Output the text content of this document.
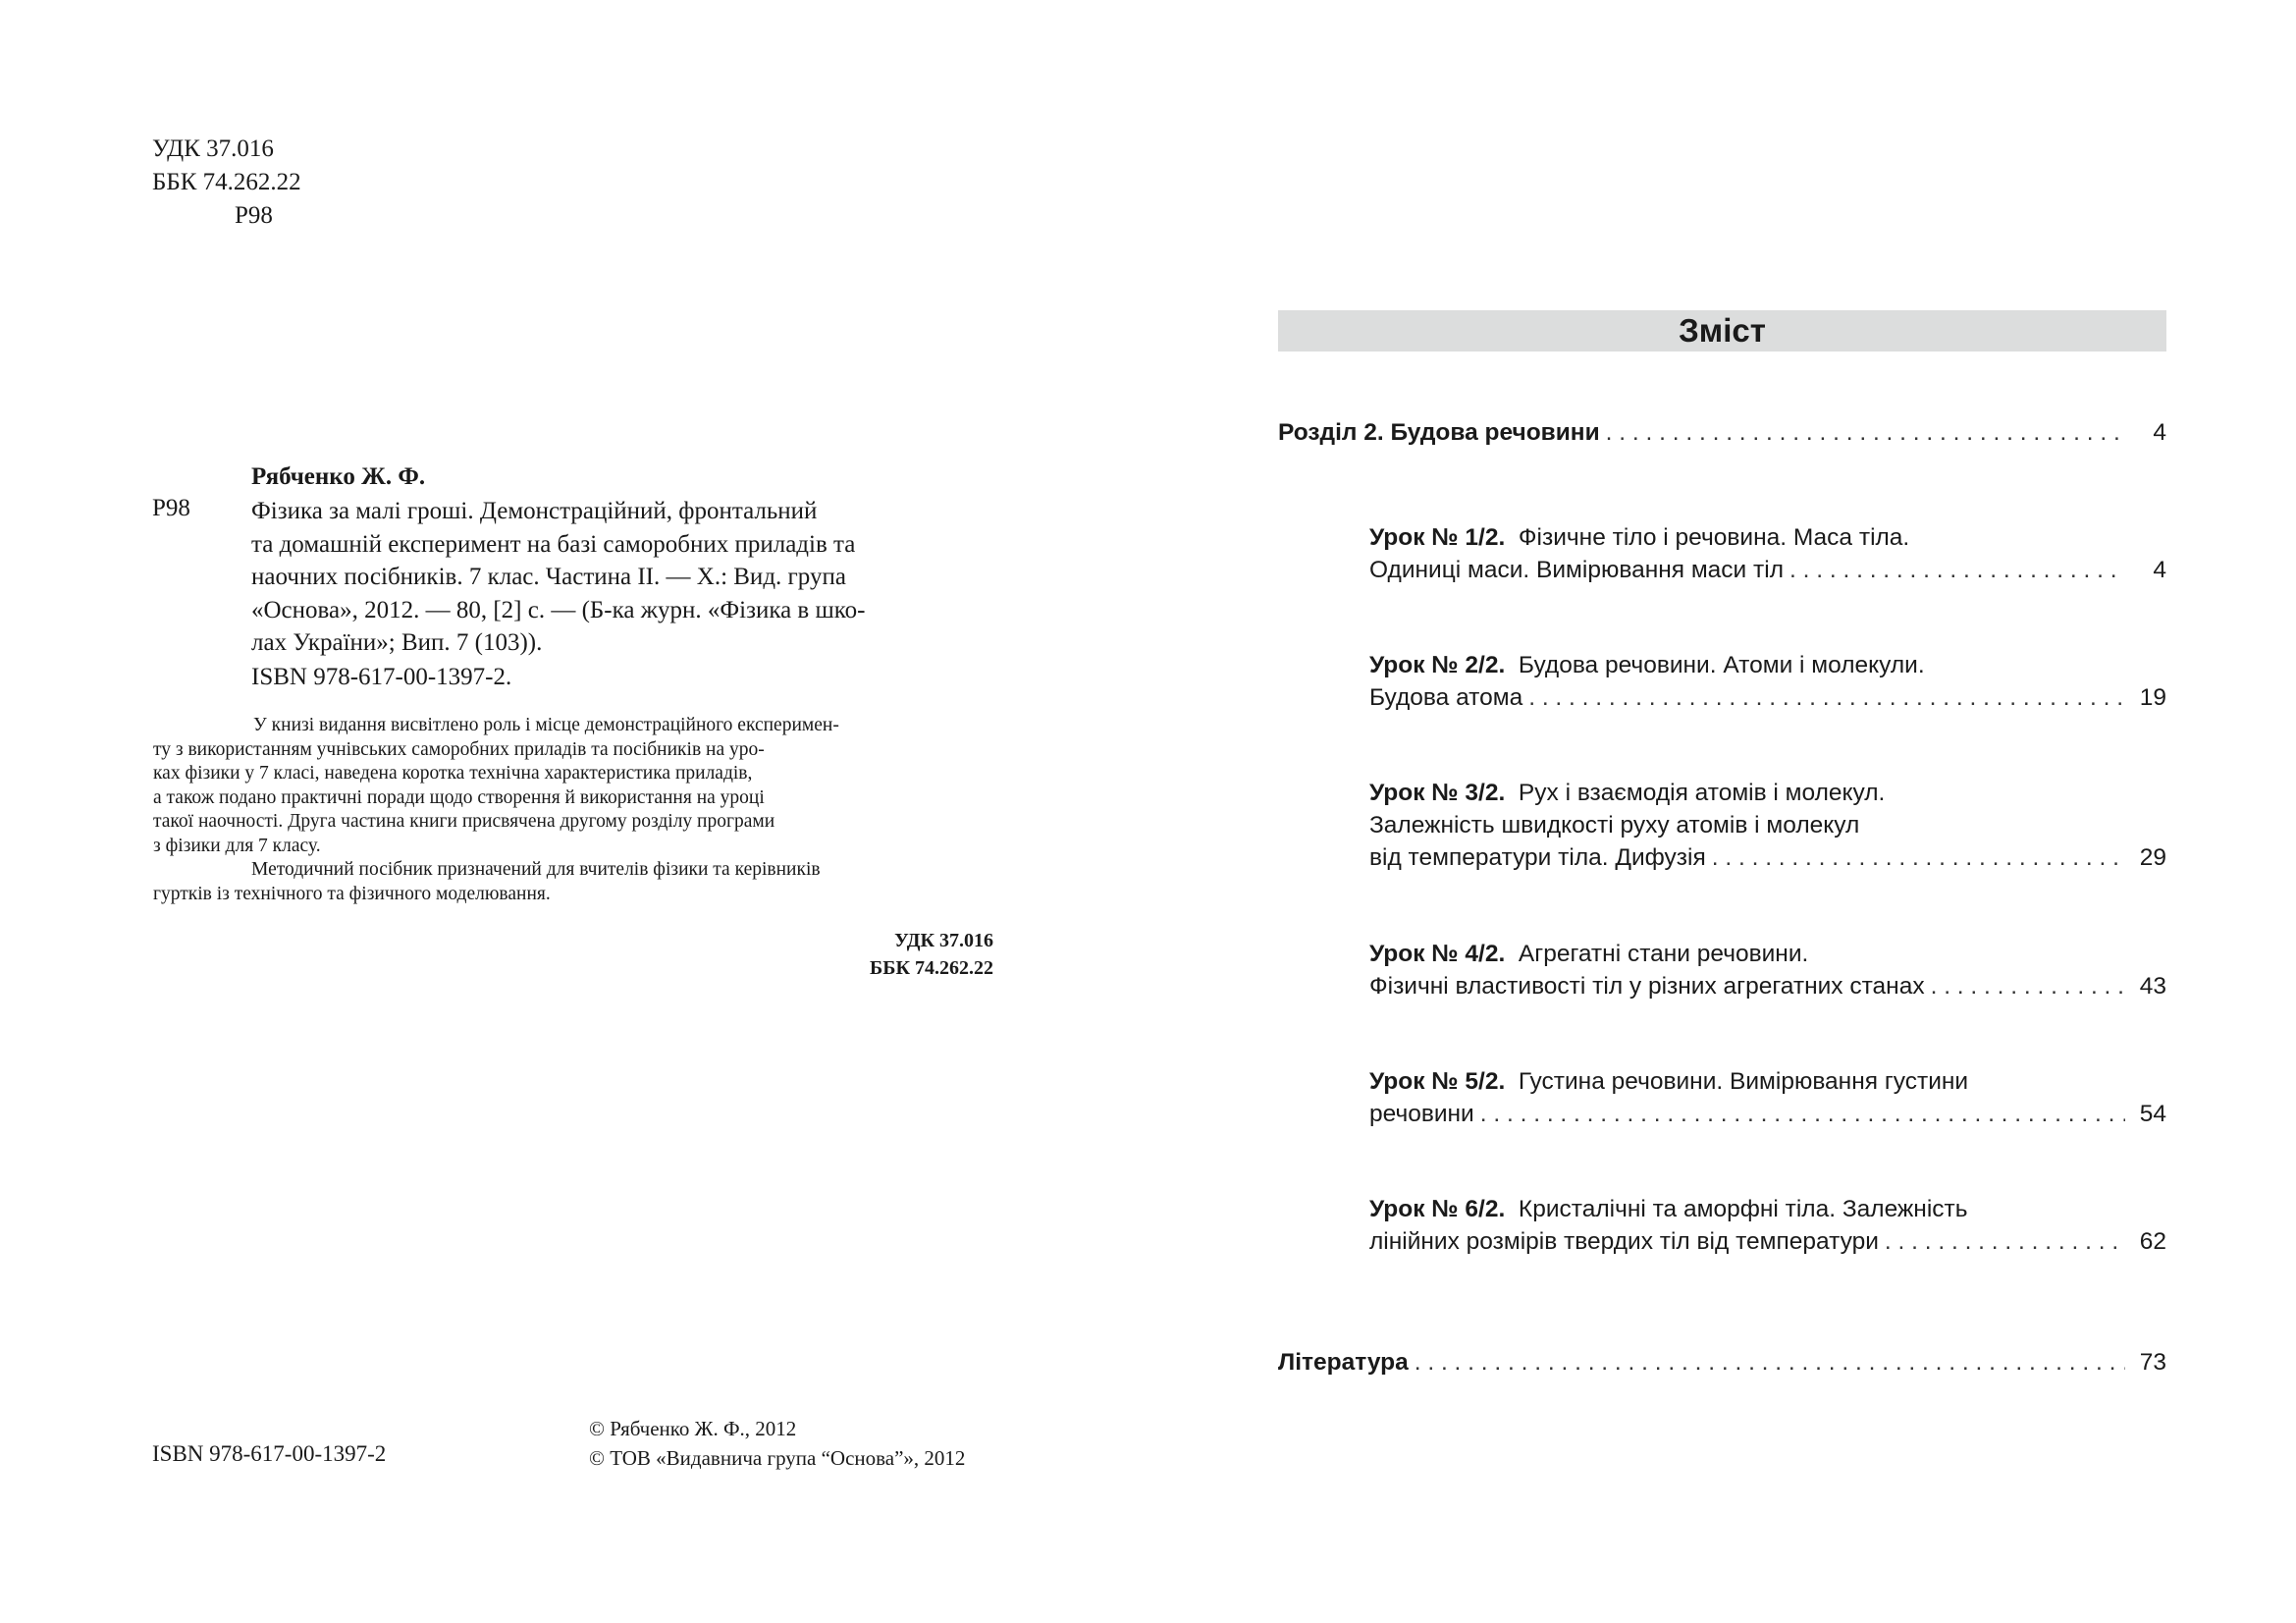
УДК 37.016
ББК 74.262.22
Р98
Рябченко Ж. Ф.
Р98 Фізика за малі гроші. Демонстраційний, фронтальний
та домашній експеримент на базі саморобних приладів та
наочних посібників. 7 клас. Частина II. — Х.: Вид. група
«Основа», 2012. — 80, [2] с. — (Б-ка журн. «Фізика в шко-
лах України»; Вип. 7 (103)).
ISBN 978-617-00-1397-2.
У книзі видання висвітлено роль і місце демонстраційного експеримен-
ту з використанням учнівських саморобних приладів та посібників на уро-
ках фізики у 7 класі, наведена коротка технічна характеристика приладів,
а також подано практичні поради щодо створення й використання на уроці
такої наочності. Друга частина книги присвячена другому розділу програми
з фізики для 7 класу.
Методичний посібник призначений для вчителів фізики та керівників
гуртків із технічного та фізичного моделювання.
УДК 37.016
ББК 74.262.22
ISBN 978-617-00-1397-2
© Рябченко Ж. Ф., 2012
© ТОВ «Видавнича група “Основа”», 2012
Зміст
Розділ 2. Будова речовини . . .	4
Урок № 1/2. Фізичне тіло і речовина. Маса тіла.
Одиниці маси. Вимірювання маси тіл . . .	4
Урок № 2/2. Будова речовини. Атоми і молекули.
Будова атома . . .	19
Урок № 3/2. Рух і взаємодія атомів і молекул.
Залежність швидкості руху атомів і молекул
від температури тіла. Дифузія . . .	29
Урок № 4/2. Агрегатні стани речовини.
Фізичні властивості тіл у різних агрегатних станах . . .	43
Урок № 5/2. Густина речовини. Вимірювання густини
речовини . . .	54
Урок № 6/2. Кристалічні та аморфні тіла. Залежність
лінійних розмірів твердих тіл від температури . . .	62
Література . . .	73
